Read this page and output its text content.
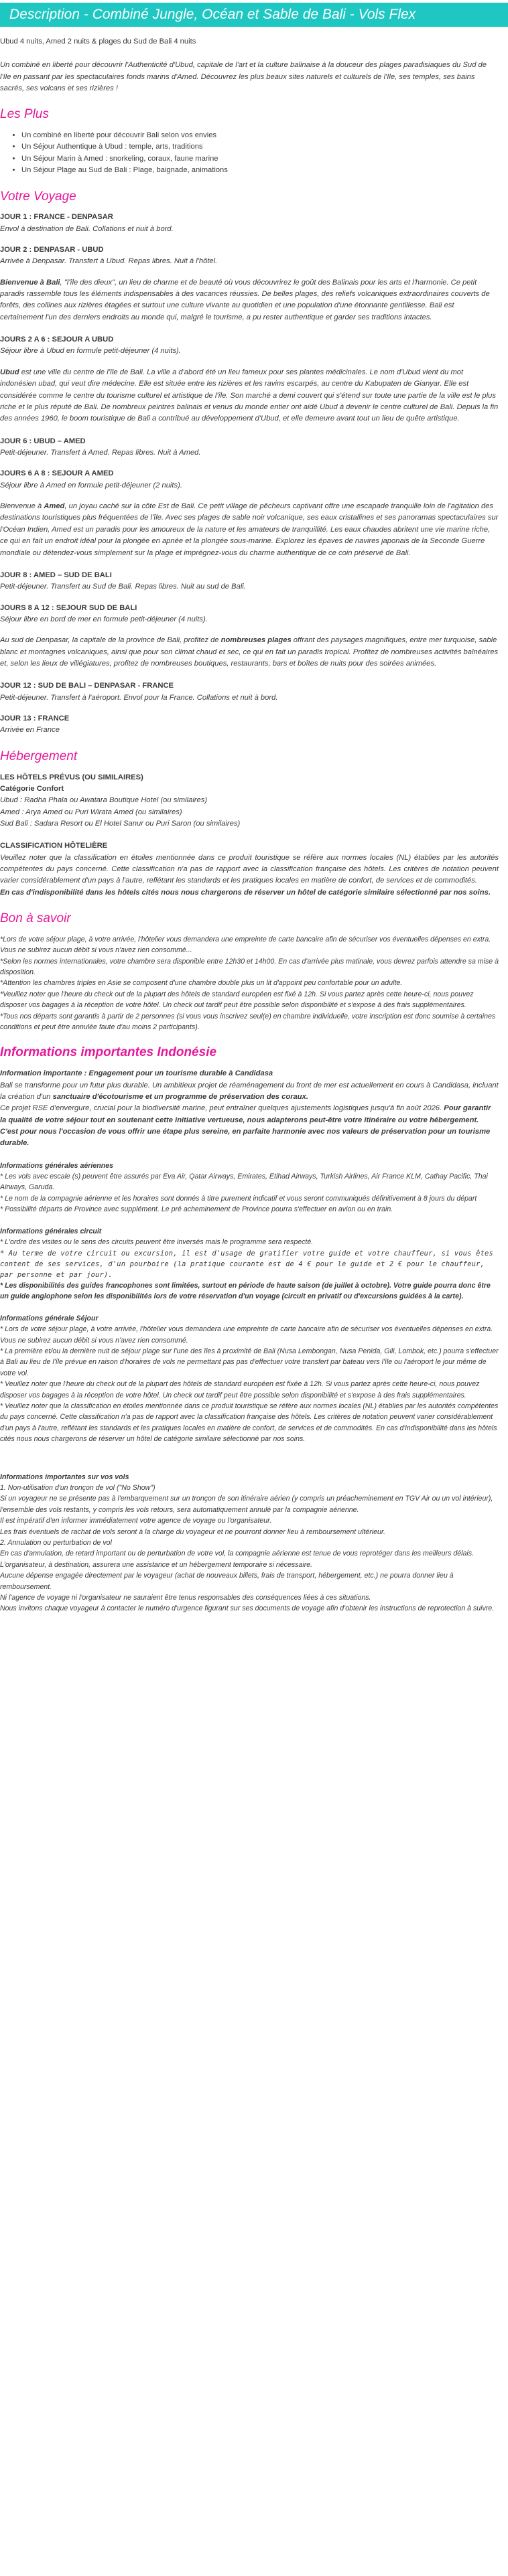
Description - Combiné Jungle, Océan et Sable de Bali - Vols Flex

Ubud 4 nuits, Amed 2 nuits & plages du Sud de Bali 4 nuits

Un combiné en liberté pour découvrir l'Authenticité d'Ubud, capitale de l'art et la culture balinaise à la douceur des plages paradisiaques du Sud de l'Ile en passant par les spectaculaires fonds marins d'Amed. Découvrez les plus beaux sites naturels et culturels de l'Ile, ses temples, ses bains sacrés, ses volcans et ses rizières !

Les Plus
• Un combiné en liberté pour découvrir Bali selon vos envies
• Un Séjour Authentique à Ubud : temple, arts, traditions
• Un Séjour Marin à Amed : snorkeling, coraux, faune marine
• Un Séjour Plage au Sud de Bali : Plage, baignade, animations
Votre Voyage

JOUR 1 : FRANCE - DENPASAR

Envol à destination de Bali. Collations et nuit à bord.

JOUR 2 : DENPASAR - UBUD

Arrivée à Denpasar. Transfert à Ubud. Repas libres. Nuit à l'hôtel.

Bienvenue à Bali, "l'île des dieux", un lieu de charme et de beauté où vous découvrirez le goût des Balinais pour les arts et l'harmonie. Ce petit paradis rassemble tous les éléments indispensables à des vacances réussies. De belles plages, des reliefs volcaniques extraordinaires couverts de forêts, des collines aux rizières étagées et surtout une culture vivante au quotidien et une population d'une étonnante gentillesse. Bali est certainement l'un des derniers endroits au monde qui, malgré le tourisme, a pu rester authentique et garder ses traditions intactes.

JOURS 2 A 6 : SEJOUR A UBUD

Séjour libre à Ubud en formule petit-déjeuner (4 nuits).

Ubud est une ville du centre de l'île de Bali. La ville a d'abord été un lieu fameux pour ses plantes médicinales. Le nom d'Ubud vient du mot indonésien ubad, qui veut dire médecine. Elle est située entre les rizières et les ravins escarpés, au centre du Kabupaten de Gianyar. Elle est considérée comme le centre du tourisme culturel et artistique de l'île. Son marché a demi couvert qui s'étend sur toute une partie de la ville est le plus riche et le plus réputé de Bali. De nombreux peintres balinais et venus du monde entier ont aidé Ubud à devenir le centre culturel de Bali. Depuis la fin des années 1960, le boom touristique de Bali a contribué au développement d'Ubud, et elle demeure avant tout un lieu de quête artistique.

JOUR 6 : UBUD – AMED

Petit-déjeuner. Transfert à Amed. Repas libres. Nuit à Amed.

JOURS 6 A 8 : SEJOUR A AMED

Séjour libre à Amed en formule petit-déjeuner (2 nuits).

Bienvenue à Amed, un joyau caché sur la côte Est de Bali. Ce petit village de pêcheurs captivant offre une escapade tranquille loin de l'agitation des destinations touristiques plus fréquentées de l'île. Avec ses plages de sable noir volcanique, ses eaux cristallines et ses panoramas spectaculaires sur l'Océan Indien, Amed est un paradis pour les amoureux de la nature et les amateurs de tranquillité. Les eaux chaudes abritent une vie marine riche, ce qui en fait un endroit idéal pour la plongée en apnée et la plongée sous-marine. Explorez les épaves de navires japonais de la Seconde Guerre mondiale ou détendez-vous simplement sur la plage et imprégnez-vous du charme authentique de ce coin préservé de Bali.

JOUR 8 : AMED – SUD DE BALI

Petit-déjeuner. Transfert au Sud de Bali. Repas libres. Nuit au sud de Bali.

JOURS 8 A 12 : SEJOUR SUD DE BALI

Séjour libre en bord de mer en formule petit-déjeuner (4 nuits).

Au sud de Denpasar, la capitale de la province de Bali, profitez de nombreuses plages offrant des paysages magnifiques, entre mer turquoise, sable blanc et montagnes volcaniques, ainsi que pour son climat chaud et sec, ce qui en fait un paradis tropical. Profitez de nombreuses activités balnéaires et, selon les lieux de villégiatures, profitez de nombreuses boutiques, restaurants, bars et boîtes de nuits pour des soirées animées.

JOUR 12 : SUD DE BALI – DENPASAR - FRANCE

Petit-déjeuner. Transfert à l'aéroport. Envol pour la France. Collations et nuit à bord.

JOUR 13 : FRANCE

Arrivée en France

Hébergement
LES HÔTELS PRÉVUS (OU SIMILAIRES)
Catégorie Confort
Ubud : Radha Phala ou Awatara Boutique Hotel (ou similaires)
Amed : Arya Amed ou Puri Wirata Amed (ou similaires)
Sud Bali : Sadara Resort ou El Hotel Sanur ou Puri Saron (ou similaires)
CLASSIFICATION HÔTELIÈRE
Veuillez noter que la classification en étoiles mentionnée dans ce produit touristique se réfère aux normes locales (NL) établies par les autorités compétentes du pays concerné. Cette classification n'a pas de rapport avec la classification française des hôtels. Les critères de notation peuvent varier considérablement d'un pays à l'autre, reflétant les standards et les pratiques locales en matière de confort, de services et de commodités.
En cas d'indisponibilité dans les hôtels cités nous nous chargerons de réserver un hôtel de catégorie similaire sélectionné par nos soins.
Bon à savoir
*Lors de votre séjour plage, à votre arrivée, l'hôtelier vous demandera une empreinte de carte bancaire afin de sécuriser vos éventuelles dépenses en extra. Vous ne subirez aucun débit si vous n'avez rien consommé...
*Selon les normes internationales, votre chambre sera disponible entre 12h30 et 14h00. En cas d'arrivée plus matinale, vous devrez parfois attendre sa mise à disposition.
*Attention les chambres triples en Asie se composent d'une chambre double plus un lit d'appoint peu confortable pour un adulte.
*Veuillez noter que l'heure du check out de la plupart des hôtels de standard européen est fixé à 12h. Si vous partez après cette heure-ci, nous pouvez disposer vos bagages à la réception de votre hôtel. Un check out tardif peut être possible selon disponibilité et s'expose à des frais supplémentaires.
*Tous nos départs sont garantis à partir de 2 personnes (si vous vous inscrivez seul(e) en chambre individuelle, votre inscription est donc soumise à certaines conditions et peut être annulée faute d'au moins 2 participants).
Informations importantes Indonésie
Information importante : Engagement pour un tourisme durable à Candidasa
Bali se transforme pour un futur plus durable. Un ambitieux projet de réaménagement du front de mer est actuellement en cours à Candidasa, incluant la création d'un sanctuaire d'écotourisme et un programme de préservation des coraux.
Ce projet RSE d'envergure, crucial pour la biodiversité marine, peut entraîner quelques ajustements logistiques jusqu'à fin août 2026. Pour garantir la qualité de votre séjour tout en soutenant cette initiative vertueuse, nous adapterons peut-être votre itinéraire ou votre hébergement. C'est pour nous l'occasion de vous offrir une étape plus sereine, en parfaite harmonie avec nos valeurs de préservation pour un tourisme durable.
Informations générales aériennes
* Les vols avec escale (s) peuvent être assurés par Eva Air, Qatar Airways, Emirates, Etihad Airways, Turkish Airlines, Air France KLM, Cathay Pacific, Thai Airways, Garuda.
* Le nom de la compagnie aérienne et les horaires sont donnés à titre purement indicatif et vous seront communiqués définitivement à 8 jours du départ
* Possibilité départs de Province avec supplément. Le pré acheminement de Province pourra s'effectuer en avion ou en train.
Informations générales circuit
* L'ordre des visites ou le sens des circuits peuvent être inversés mais le programme sera respecté.
* Au terme de votre circuit ou excursion, il est d'usage de gratifier votre guide et votre chauffeur, si vous êtes content de ses services, d'un pourboire (la pratique courante est de 4 € pour le guide et 2 € pour le chauffeur, par personne et par jour).
* Les disponibilités des guides francophones sont limitées, surtout en période de haute saison (de juillet à octobre). Votre guide pourra donc être un guide anglophone selon les disponibilités lors de votre réservation d'un voyage (circuit en privatif ou d'excursions guidées à la carte).
Informations générale Séjour
* Lors de votre séjour plage, à votre arrivée, l'hôtelier vous demandera une empreinte de carte bancaire afin de sécuriser vos éventuelles dépenses en extra. Vous ne subirez aucun débit si vous n'avez rien consommé.
* La première et/ou la dernière nuit de séjour plage sur l'une des îles à proximité de Bali (Nusa Lembongan, Nusa Penida, Gili, Lombok, etc.) pourra s'effectuer à Bali au lieu de l'île prévue en raison d'horaires de vols ne permettant pas pas d'effectuer votre transfert par bateau vers l'île ou l'aéroport le jour même de votre vol.
* Veuillez noter que l'heure du check out de la plupart des hôtels de standard européen est fixée à 12h. Si vous partez après cette heure-ci, nous pouvez disposer vos bagages à la réception de votre hôtel. Un check out tardif peut être possible selon disponibilité et s'expose à des frais supplémentaires.
* Veuillez noter que la classification en étoiles mentionnée dans ce produit touristique se réfère aux normes locales (NL) établies par les autorités compétentes du pays concerné. Cette classification n'a pas de rapport avec la classification française des hôtels. Les critères de notation peuvent varier considérablement d'un pays à l'autre, reflétant les standards et les pratiques locales en matière de confort, de services et de commodités. En cas d'indisponibilité dans les hôtels cités nous nous chargerons de réserver un hôtel de catégorie similaire sélectionné par nos soins.
Informations importantes sur vos vols
1. Non-utilisation d'un tronçon de vol ("No Show")
Si un voyageur ne se présente pas à l'embarquement sur un tronçon de son itinéraire aérien (y compris un préacheminement en TGV Air ou un vol intérieur), l'ensemble des vols restants, y compris les vols retours, sera automatiquement annulé par la compagnie aérienne.
Il est impératif d'en informer immédiatement votre agence de voyage ou l'organisateur.
Les frais éventuels de rachat de vols seront à la charge du voyageur et ne pourront donner lieu à remboursement ultérieur.
2. Annulation ou perturbation de vol
En cas d'annulation, de retard important ou de perturbation de votre vol, la compagnie aérienne est tenue de vous reprotéger dans les meilleurs délais.
L'organisateur, à destination, assurera une assistance et un hébergement temporaire si nécessaire.
Aucune dépense engagée directement par le voyageur (achat de nouveaux billets, frais de transport, hébergement, etc.) ne pourra donner lieu à remboursement.
Ni l'agence de voyage ni l'organisateur ne sauraient être tenus responsables des conséquences liées à ces situations.
Nous invitons chaque voyageur à contacter le numéro d'urgence figurant sur ses documents de voyage afin d'obtenir les instructions de reprotection à suivre.
